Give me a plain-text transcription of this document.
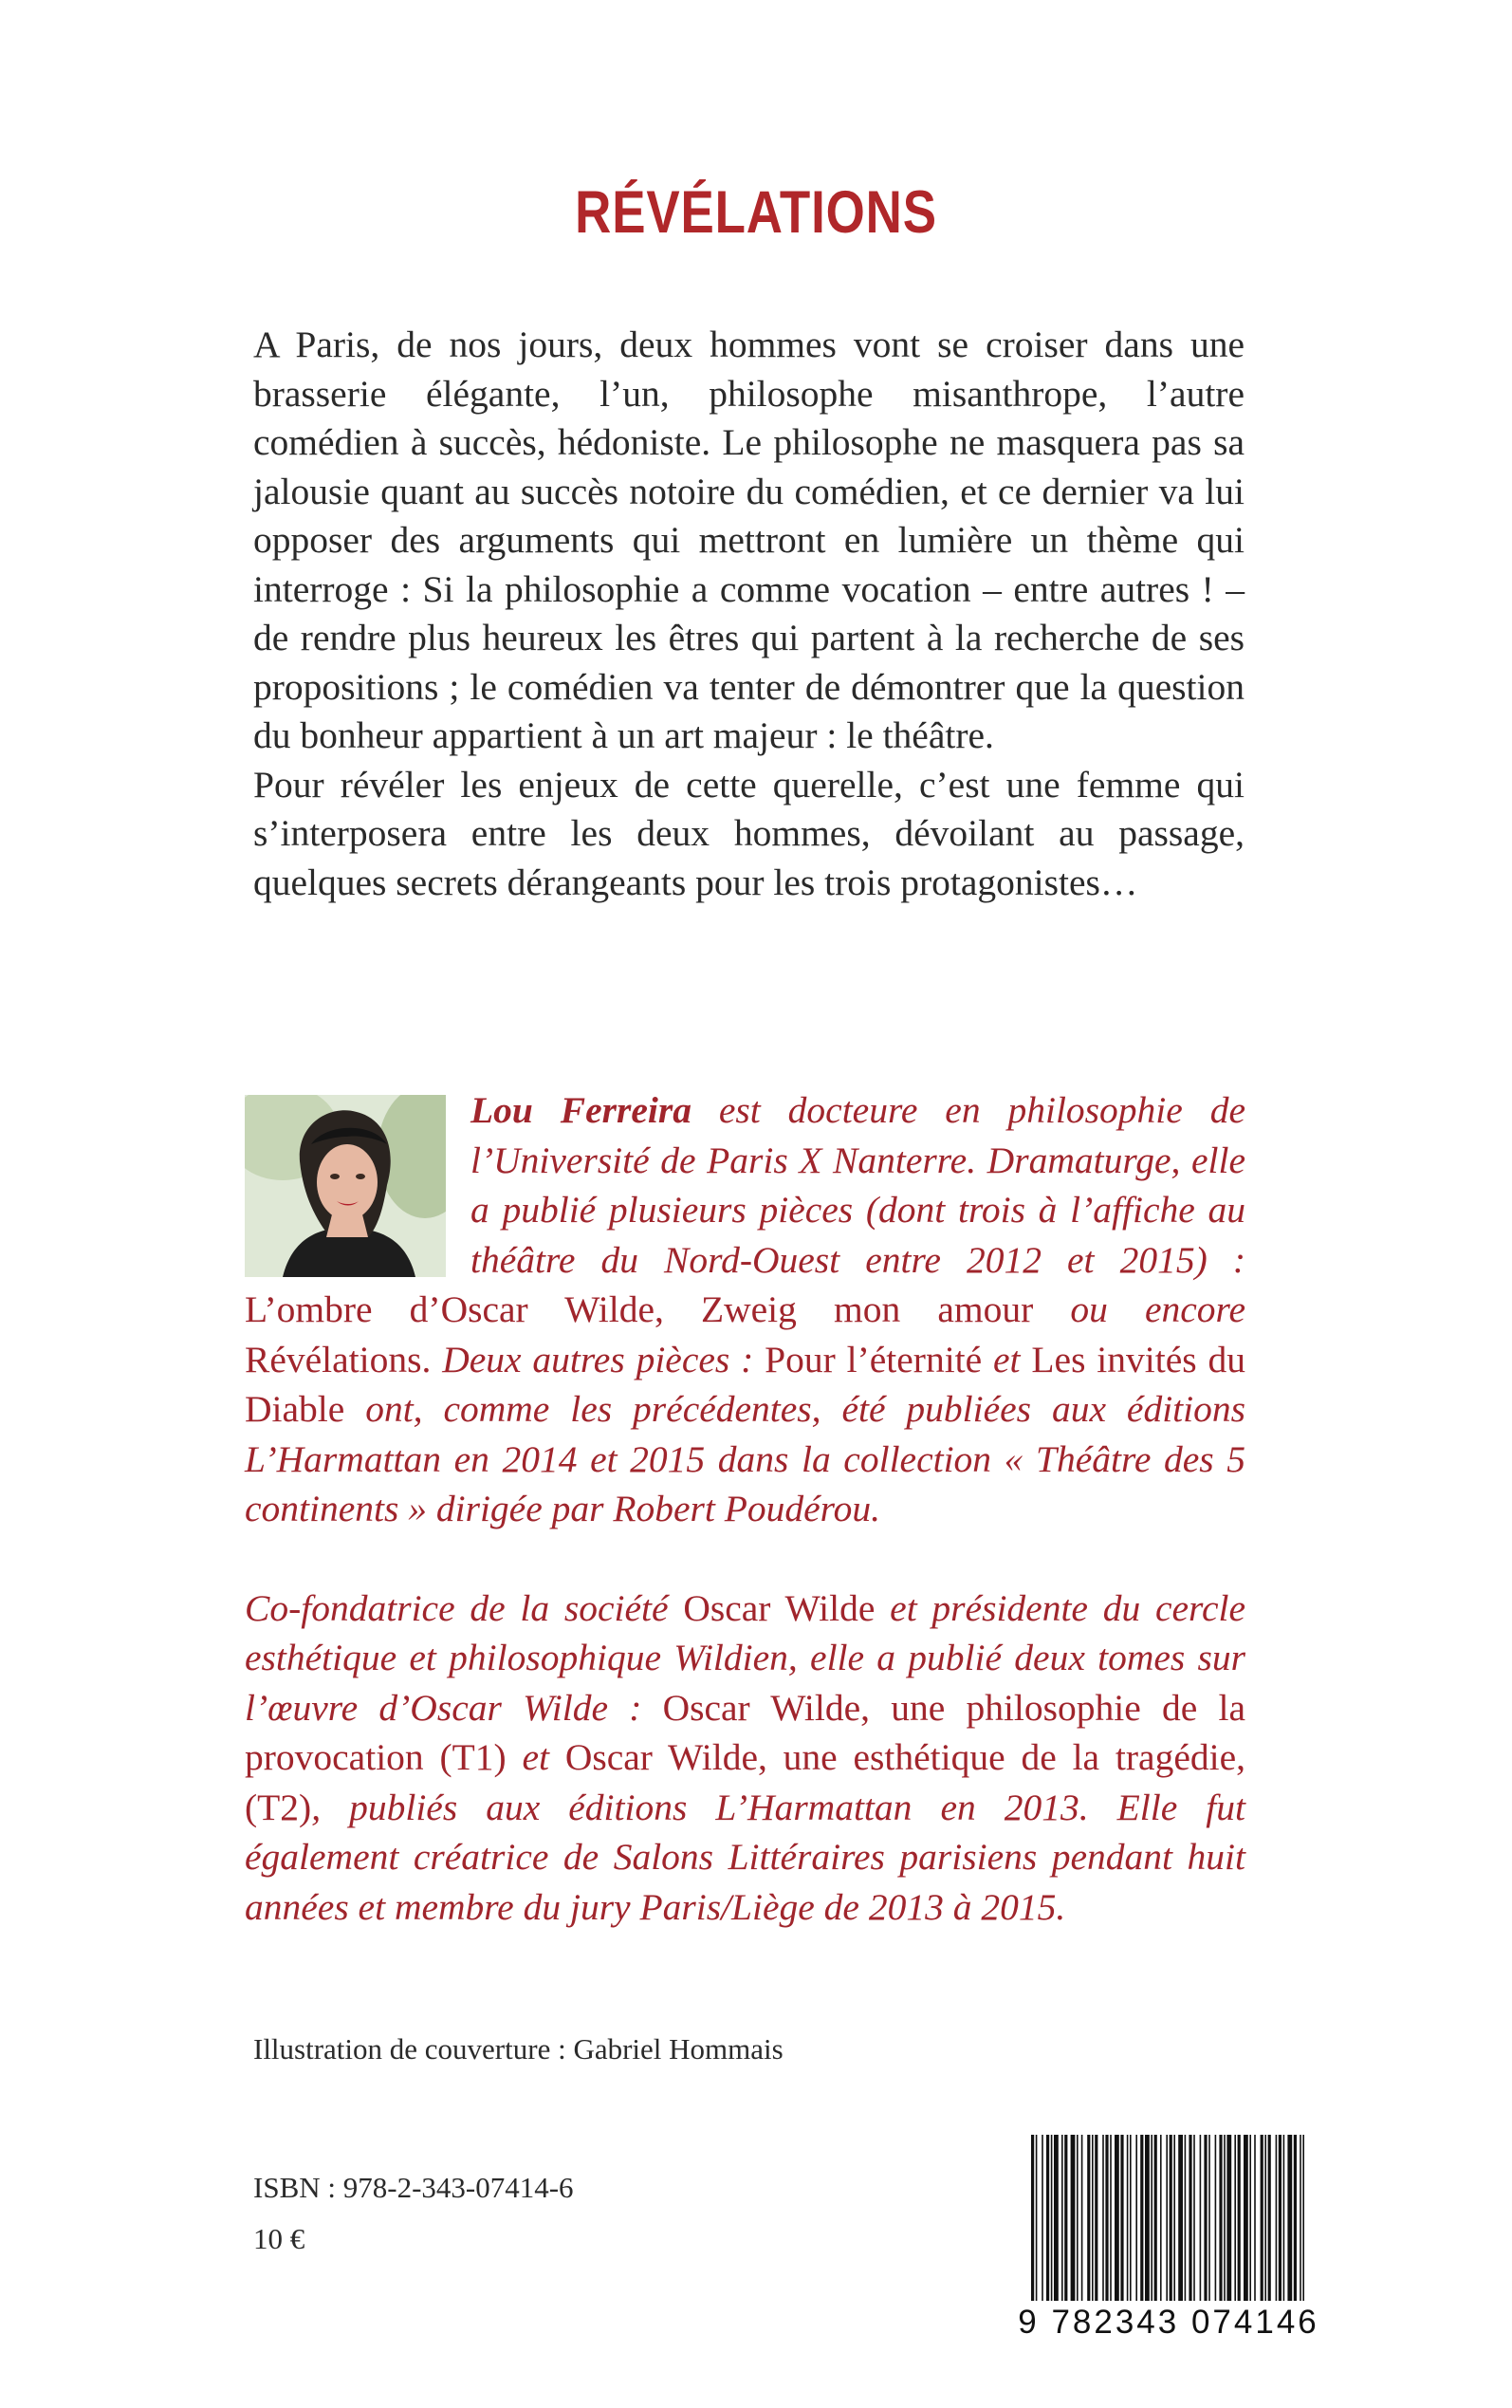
RÉVÉLATIONS

A Paris, de nos jours, deux hommes vont se croiser dans une brasserie élégante, l’un, philosophe misanthrope, l’autre comédien à succès, hédoniste. Le philosophe ne masquera pas sa jalousie quant au succès notoire du comédien, et ce dernier va lui opposer des arguments qui mettront en lumière un thème qui interroge : Si la philosophie a comme vocation – entre autres ! – de rendre plus heureux les êtres qui partent à la recherche de ses propositions ; le comédien va tenter de démontrer que la question du bonheur appartient à un art majeur : le théâtre.

Pour révéler les enjeux de cette querelle, c’est une femme qui s’interposera entre les deux hommes, dévoilant au passage, quelques secrets dérangeants pour les trois protagonistes…

Lou Ferreira est docteure en philosophie de l’Université de Paris X Nanterre. Dramaturge, elle a publié plusieurs pièces (dont trois à l’affiche au théâtre du Nord-Ouest entre 2012 et 2015) : L’ombre d’Oscar Wilde, Zweig mon amour ou encore Révélations. Deux autres pièces : Pour l’éternité et Les invités du Diable ont, comme les précédentes, été publiées aux éditions L’Harmattan en 2014 et 2015 dans la collection « Théâtre des 5 continents » dirigée par Robert Poudérou.

Co-fondatrice de la société Oscar Wilde et présidente du cercle esthétique et philosophique Wildien, elle a publié deux tomes sur l’œuvre d’Oscar Wilde : Oscar Wilde, une philosophie de la provocation (T1) et Oscar Wilde, une esthétique de la tragédie, (T2), publiés aux éditions L’Harmattan en 2013. Elle fut également créatrice de Salons Littéraires parisiens pendant huit années et membre du jury Paris/Liège de 2013 à 2015.

Illustration de couverture : Gabriel Hommais
ISBN : 978-2-343-07414-6
10 €
9 782343 074146
